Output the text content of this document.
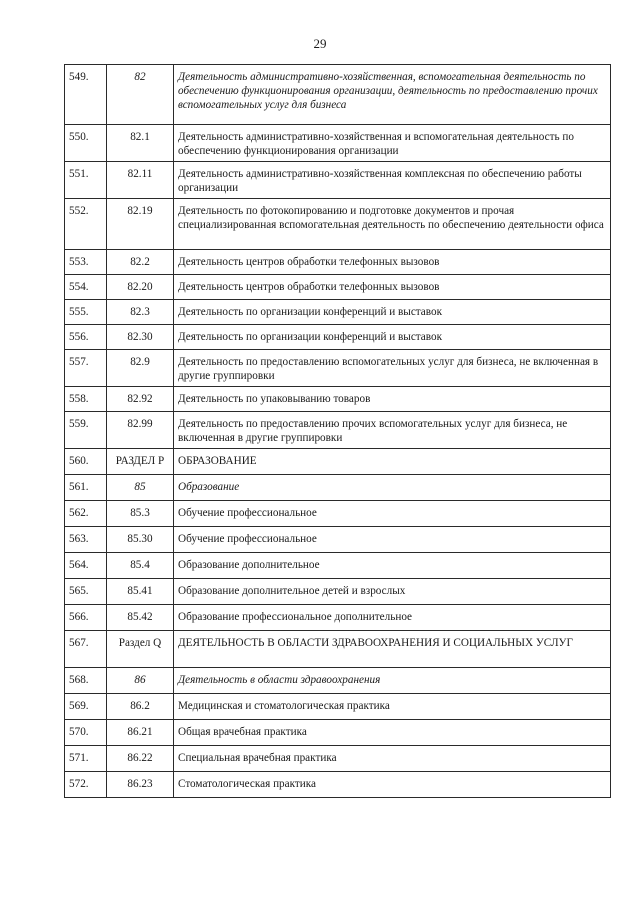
29
549.	82	Деятельность административно-хозяйственная, вспомогательная деятельность по обеспечению функционирования организации, деятельность по предоставлению прочих вспомогательных услуг для бизнеса
550.	82.1	Деятельность административно-хозяйственная и вспомогательная деятельность по обеспечению функционирования организации
551.	82.11	Деятельность административно-хозяйственная комплексная по обеспечению работы организации
552.	82.19	Деятельность по фотокопированию и подготовке документов и прочая специализированная вспомогательная деятельность по обеспечению деятельности офиса
553.	82.2	Деятельность центров обработки телефонных вызовов
554.	82.20	Деятельность центров обработки телефонных вызовов
555.	82.3	Деятельность по организации конференций и выставок
556.	82.30	Деятельность по организации конференций и выставок
557.	82.9	Деятельность по предоставлению вспомогательных услуг для бизнеса, не включенная в другие группировки
558.	82.92	Деятельность по упаковыванию товаров
559.	82.99	Деятельность по предоставлению прочих вспомогательных услуг для бизнеса, не включенная в другие группировки
560.	РАЗДЕЛ Р	ОБРАЗОВАНИЕ
561.	85	Образование
562.	85.3	Обучение профессиональное
563.	85.30	Обучение профессиональное
564.	85.4	Образование дополнительное
565.	85.41	Образование дополнительное детей и взрослых
566.	85.42	Образование профессиональное дополнительное
567.	Раздел Q	ДЕЯТЕЛЬНОСТЬ В ОБЛАСТИ ЗДРАВООХРАНЕНИЯ И СОЦИАЛЬНЫХ УСЛУГ
568.	86	Деятельность в области здравоохранения
569.	86.2	Медицинская и стоматологическая практика
570.	86.21	Общая врачебная практика
571.	86.22	Специальная врачебная практика
572.	86.23	Стоматологическая практика
